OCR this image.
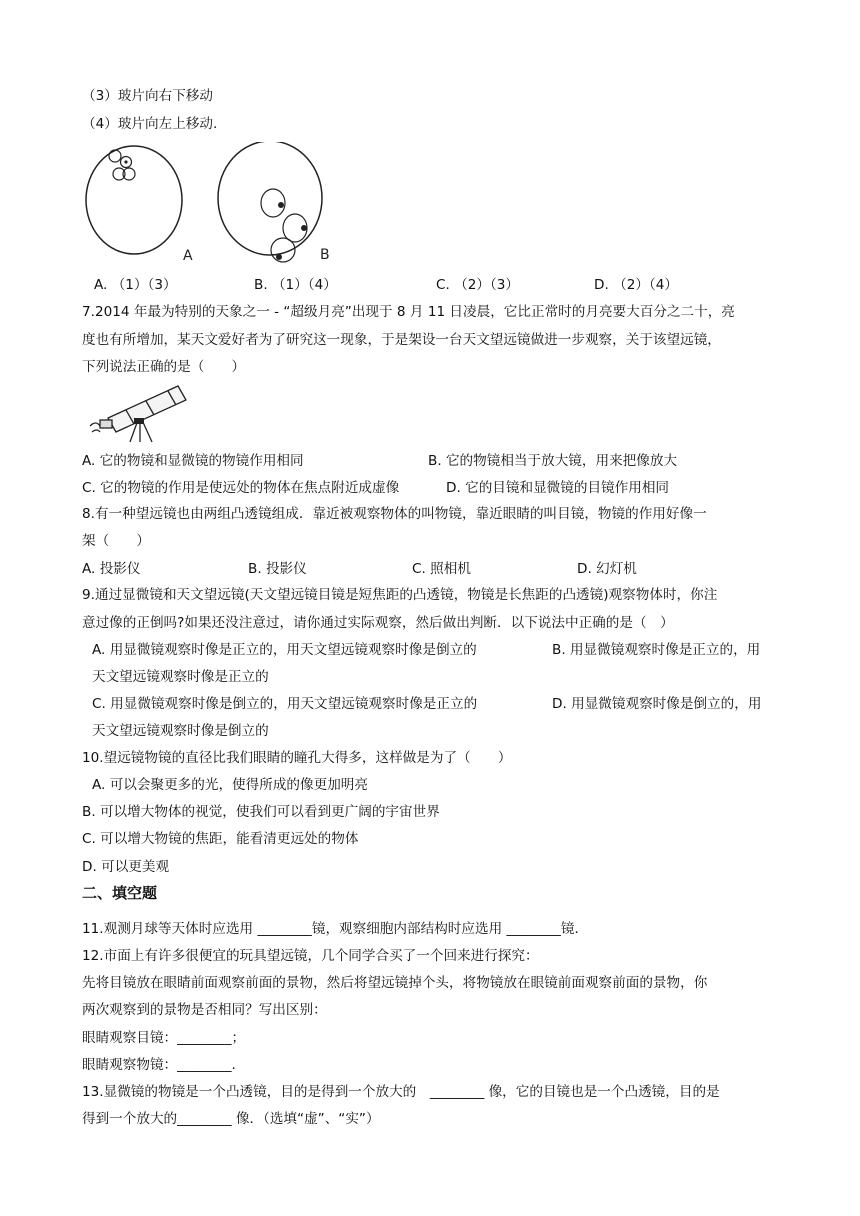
（3）玻片向右下移动
（4）玻片向左上移动.
A	B
A. （1）（3）	B. （1）（4）	C. （2）（3）	D. （2）（4）
7.2014 年最为特别的天象之一 - “超级月亮”出现于 8 月 11 日凌晨，它比正常时的月亮要大百分之二十，亮
度也有所增加，某天文爱好者为了研究这一现象，于是架设一台天文望远镜做进一步观察，关于该望远镜，
下列说法正确的是（　　）
A. 它的物镜和显微镜的物镜作用相同	B. 它的物镜相当于放大镜，用来把像放大
C. 它的物镜的作用是使远处的物体在焦点附近成虚像	D. 它的目镜和显微镜的目镜作用相同
8.有一种望远镜也由两组凸透镜组成．靠近被观察物体的叫物镜，靠近眼睛的叫目镜，物镜的作用好像一
架（　　）
A. 投影仪	B. 投影仪	C. 照相机	D. 幻灯机
9.通过显微镜和天文望远镜(天文望远镜目镜是短焦距的凸透镜，物镜是长焦距的凸透镜)观察物体时，你注
意过像的正倒吗?如果还没注意过，请你通过实际观察，然后做出判断．以下说法中正确的是（　）
A. 用显微镜观察时像是正立的，用天文望远镜观察时像是倒立的	B. 用显微镜观察时像是正立的，用
天文望远镜观察时像是正立的
C. 用显微镜观察时像是倒立的，用天文望远镜观察时像是正立的	D. 用显微镜观察时像是倒立的，用
天文望远镜观察时像是倒立的
10.望远镜物镜的直径比我们眼睛的瞳孔大得多，这样做是为了（　　）
A. 可以会聚更多的光，使得所成的像更加明亮
B. 可以增大物体的视觉，使我们可以看到更广阔的宇宙世界
C. 可以增大物镜的焦距，能看清更远处的物体
D. 可以更美观
二、填空题
11.观测月球等天体时应选用 ________镜，观察细胞内部结构时应选用 ________镜．
12.市面上有许多很便宜的玩具望远镜，几个同学合买了一个回来进行探究：
先将目镜放在眼睛前面观察前面的景物，然后将望远镜掉个头，将物镜放在眼镜前面观察前面的景物，你
两次观察到的景物是否相同？写出区别：
眼睛观察目镜：________；
眼睛观察物镜：________.
13.显微镜的物镜是一个凸透镜，目的是得到一个放大的　________ 像，它的目镜也是一个凸透镜，目的是
得到一个放大的________ 像．（选填“虚”、“实”）
